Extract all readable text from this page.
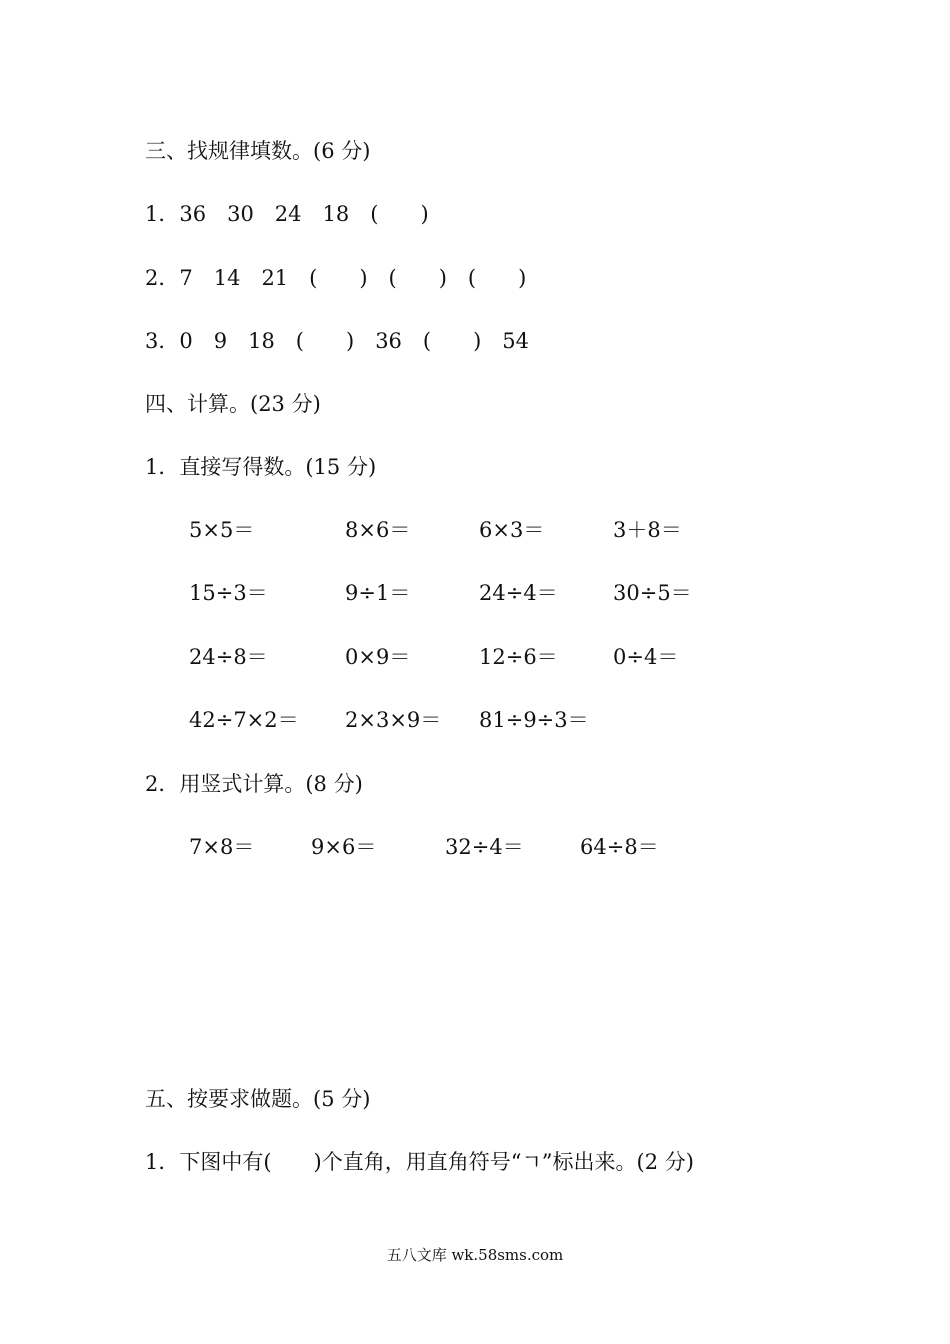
三、找规律填数。(6 分)
1．36　30　24　18　(　　)
2．7　14　21　(　　)　(　　)　(　　)
3．0　9　18　(　　)　36　(　　)　54
四、计算。(23 分)
1．直接写得数。(15 分)
5×5＝	8×6＝	6×3＝	3＋8＝
15÷3＝	9÷1＝	24÷4＝	30÷5＝
24÷8＝	0×9＝	12÷6＝	0÷4＝
42÷7×2＝ 2×3×9＝ 81÷9÷3＝
2．用竖式计算。(8 分)
7×8＝	9×6＝	32÷4＝	64÷8＝
五、按要求做题。(5 分)
1．下图中有(　　)个直角，用直角符号“ㄱ”标出来。(2 分)
五八文库 wk.58sms.com
